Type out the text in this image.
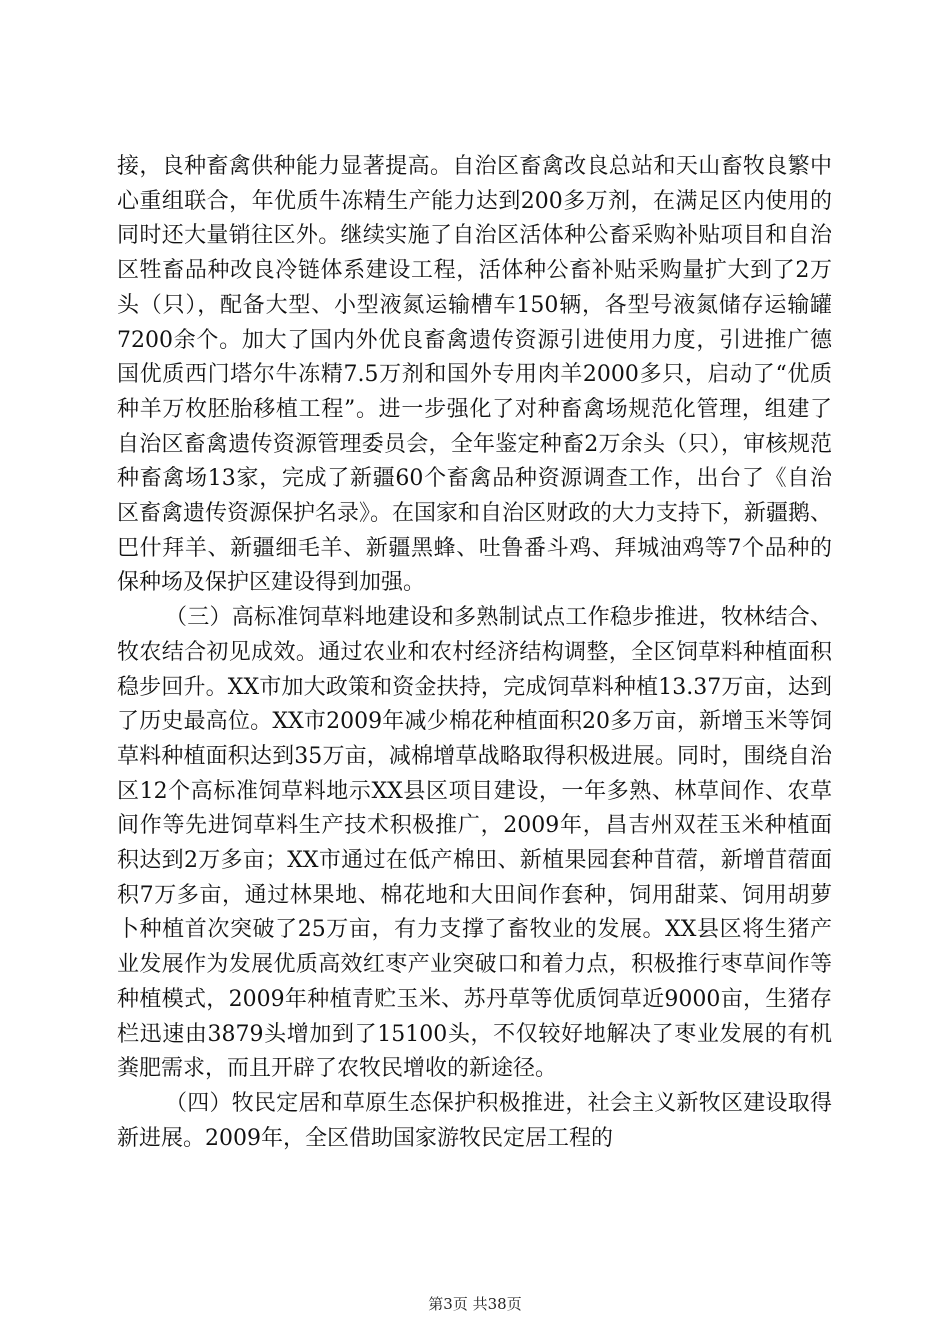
接，良种畜禽供种能力显著提高。自治区畜禽改良总站和天山畜牧良繁中心重组联合，年优质牛冻精生产能力达到200多万剂，在满足区内使用的同时还大量销往区外。继续实施了自治区活体种公畜采购补贴项目和自治区牲畜品种改良冷链体系建设工程，活体种公畜补贴采购量扩大到了2万头（只），配备大型、小型液氮运输槽车150辆，各型号液氮储存运输罐7200余个。加大了国内外优良畜禽遗传资源引进使用力度，引进推广德国优质西门塔尔牛冻精7.5万剂和国外专用肉羊2000多只，启动了“优质种羊万枚胚胎移植工程”。进一步强化了对种畜禽场规范化管理，组建了自治区畜禽遗传资源管理委员会，全年鉴定种畜2万余头（只），审核规范种畜禽场13家，完成了新疆60个畜禽品种资源调查工作，出台了《自治区畜禽遗传资源保护名录》。在国家和自治区财政的大力支持下，新疆鹅、巴什拜羊、新疆细毛羊、新疆黑蜂、吐鲁番斗鸡、拜城油鸡等7个品种的保种场及保护区建设得到加强。

（三）高标准饲草料地建设和多熟制试点工作稳步推进，牧林结合、牧农结合初见成效。通过农业和农村经济结构调整，全区饲草料种植面积稳步回升。XX市加大政策和资金扶持，完成饲草料种植13.37万亩，达到了历史最高位。XX市2009年减少棉花种植面积20多万亩，新增玉米等饲草料种植面积达到35万亩，减棉增草战略取得积极进展。同时，围绕自治区12个高标准饲草料地示XX县区项目建设，一年多熟、林草间作、农草间作等先进饲草料生产技术积极推广，2009年，昌吉州双茬玉米种植面积达到2万多亩；XX市通过在低产棉田、新植果园套种苜蓿，新增苜蓿面积7万多亩，通过林果地、棉花地和大田间作套种，饲用甜菜、饲用胡萝卜种植首次突破了25万亩，有力支撑了畜牧业的发展。XX县区将生猪产业发展作为发展优质高效红枣产业突破口和着力点，积极推行枣草间作等种植模式，2009年种植青贮玉米、苏丹草等优质饲草近9000亩，生猪存栏迅速由3879头增加到了15100头，不仅较好地解决了枣业发展的有机粪肥需求，而且开辟了农牧民增收的新途径。

（四）牧民定居和草原生态保护积极推进，社会主义新牧区建设取得新进展。2009年，全区借助国家游牧民定居工程的

第3页 共38页
